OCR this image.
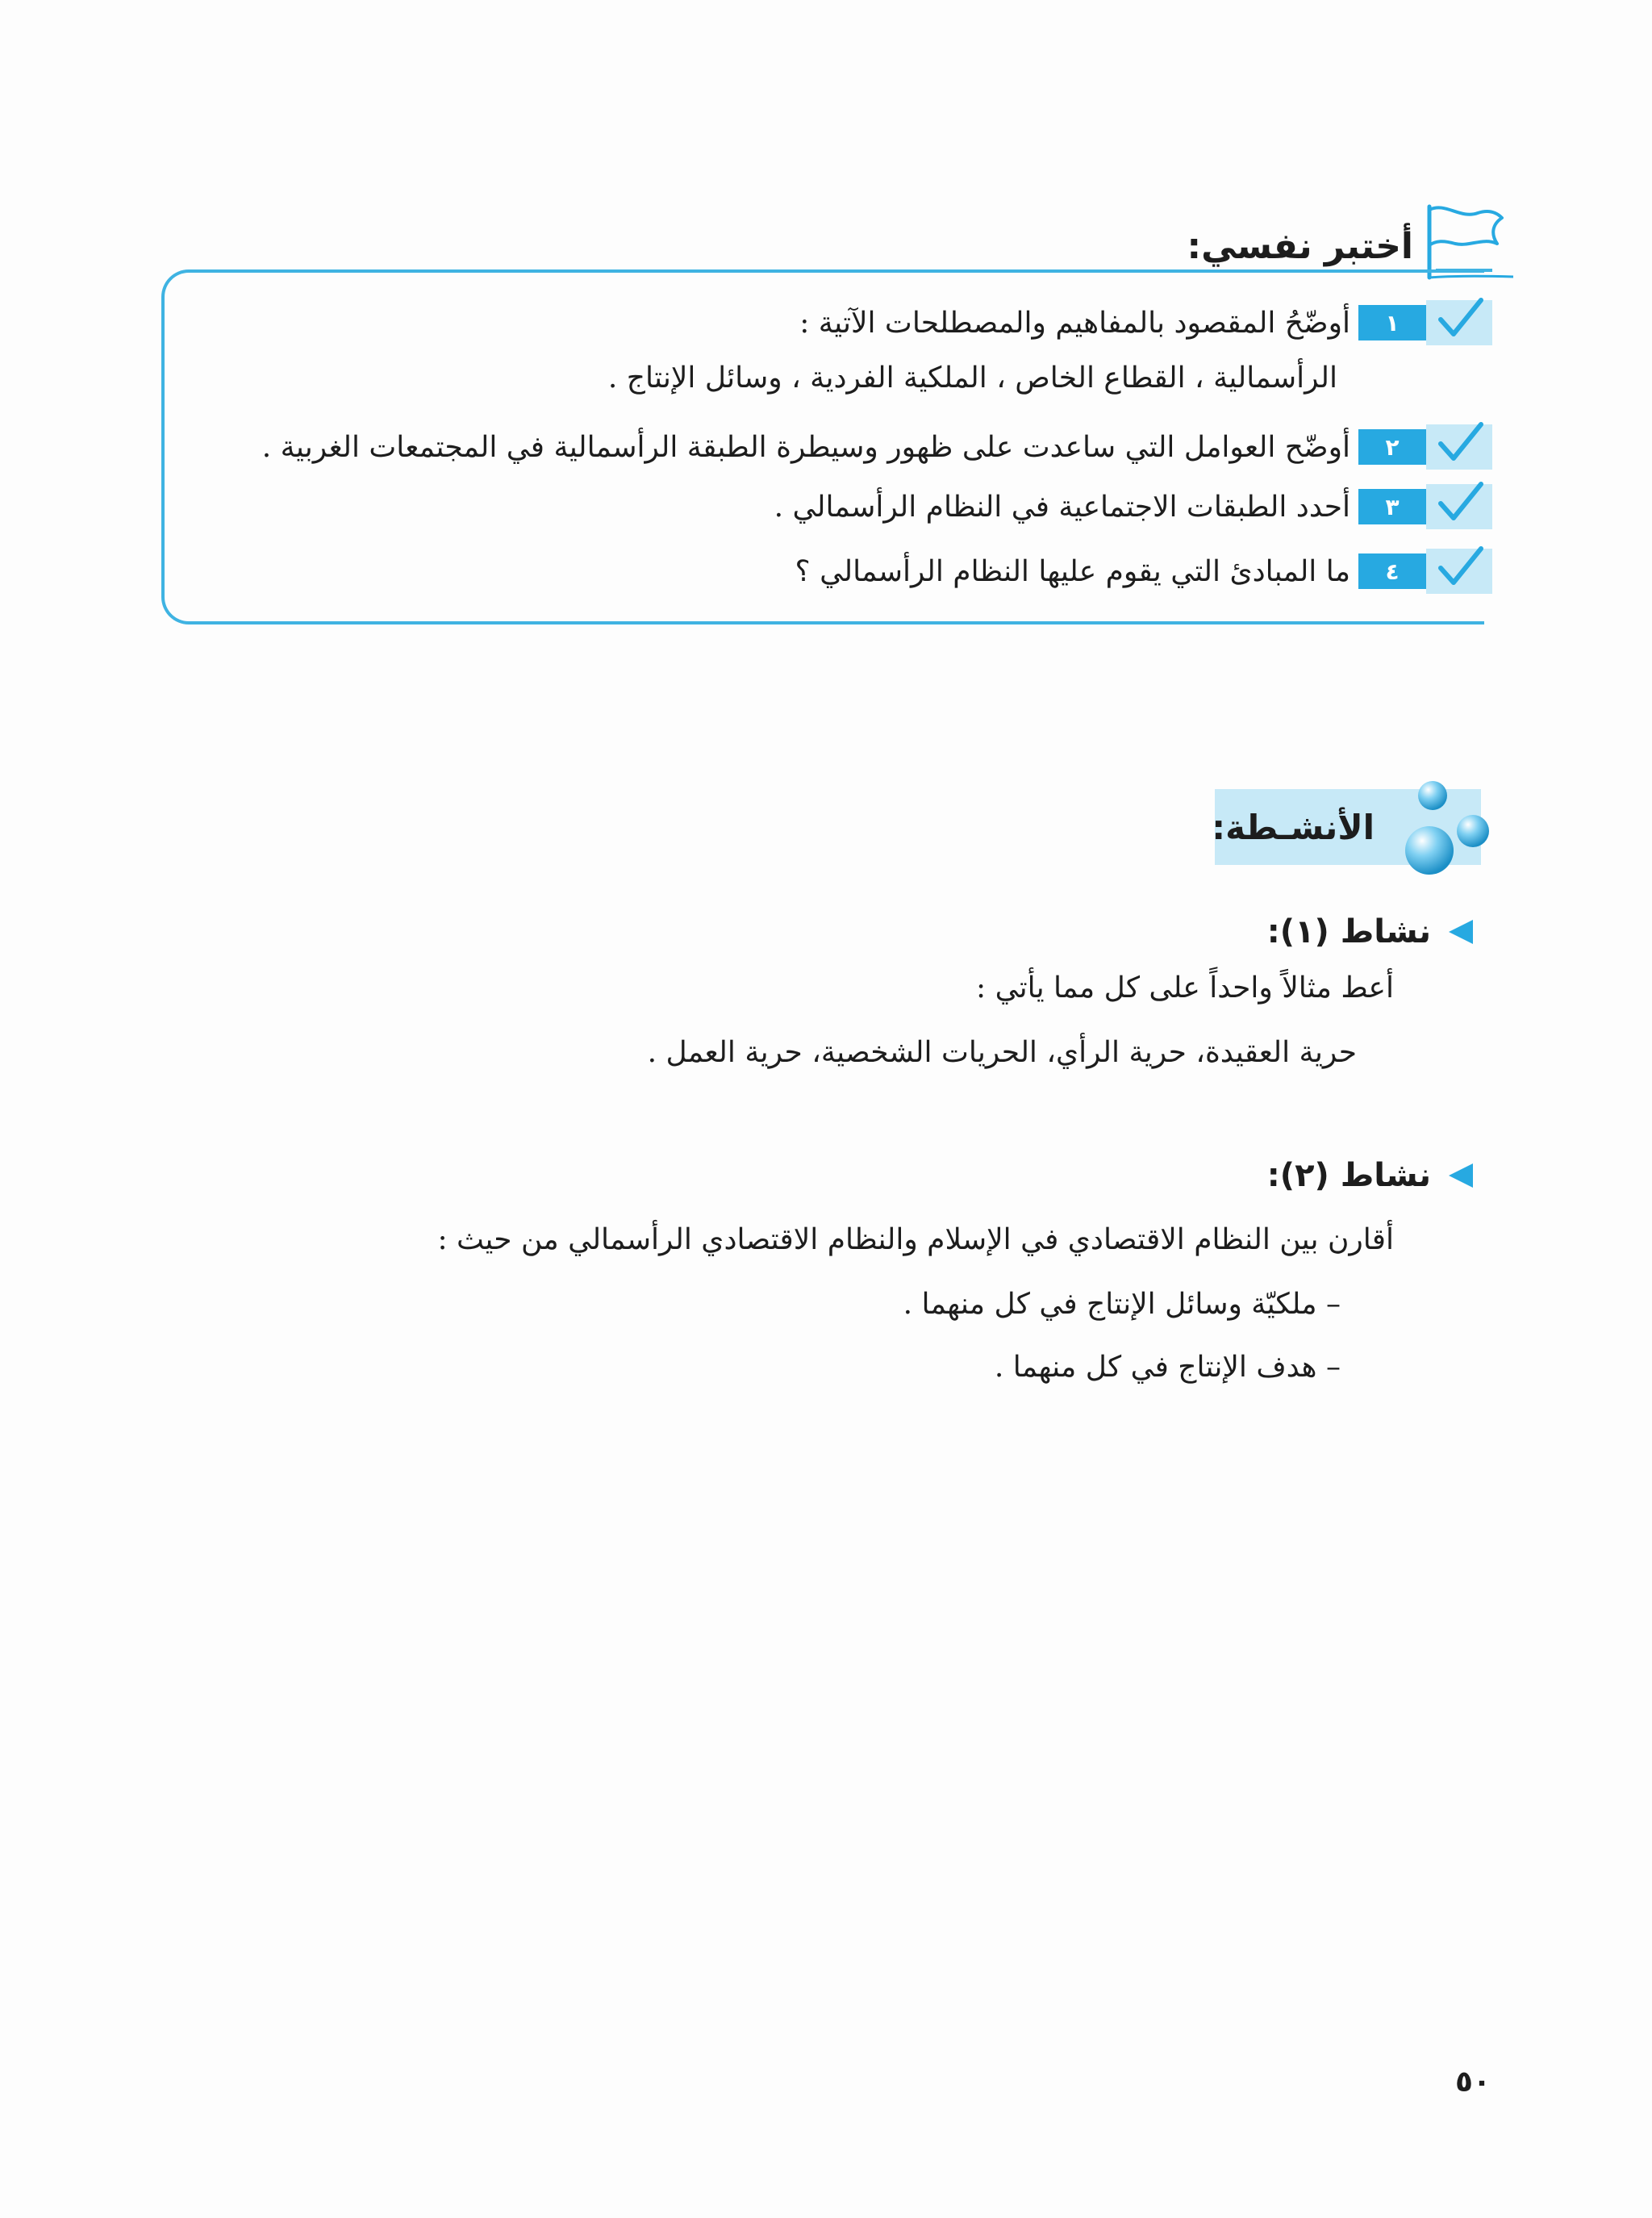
أختبر نفسي:
١
أوضّحُ المقصود بالمفاهيم والمصطلحات الآتية :
الرأسمالية ، القطاع الخاص ، الملكية الفردية ، وسائل الإنتاج .
٢
أوضّح العوامل التي ساعدت على ظهور وسيطرة الطبقة الرأسمالية في المجتمعات الغربية .
٣
أحدد الطبقات الاجتماعية في النظام الرأسمالي .
٤
ما المبادئ التي يقوم عليها النظام الرأسمالي ؟
الأنشـطة:
نشاط (١):
أعط مثالاً واحداً على كل مما يأتي :
حرية العقيدة، حرية الرأي، الحريات الشخصية، حرية العمل .
نشاط (٢):
أقارن بين النظام الاقتصادي في الإسلام والنظام الاقتصادي الرأسمالي من حيث :
– ملكيّة وسائل الإنتاج في كل منهما .
– هدف الإنتاج في كل منهما .
٥٠
